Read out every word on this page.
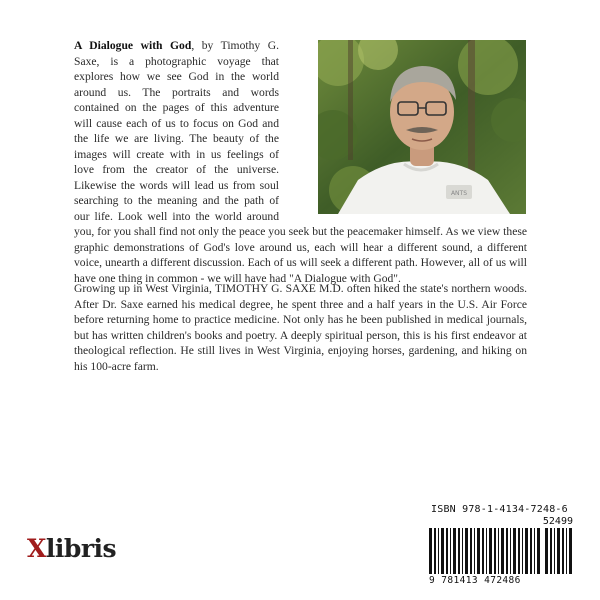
ANTS

A Dialogue with God, by Timothy G. Saxe, is a photographic voyage that explores how we see God in the world around us. The portraits and words contained on the pages of this adventure will cause each of us to focus on God and the life we are living. The beauty of the images will create with in us feelings of love from the creator of the universe. Likewise the words will lead us from soul searching to the meaning and the path of our life. Look well into the world around you, for you shall find not only the peace you seek but the peacemaker himself. As we view these graphic demonstrations of God's love around us, each will hear a different sound, a different voice, unearth a different discussion. Each of us will seek a different path. However, all of us will have one thing in common - we will have had "A Dialogue with God".

Growing up in West Virginia, TIMOTHY G. SAXE M.D. often hiked the state's northern woods. After Dr. Saxe earned his medical degree, he spent three and a half years in the U.S. Air Force before returning home to practice medicine. Not only has he been published in medical journals, but has written children's books and poetry. A deeply spiritual person, this is his first endeavor at theological reflection. He still lives in West Virginia, enjoying horses, gardening, and hiking on his 100-acre farm.

Xlibris
ISBN 978-1-4134-7248-6
52499
9 781413 472486
